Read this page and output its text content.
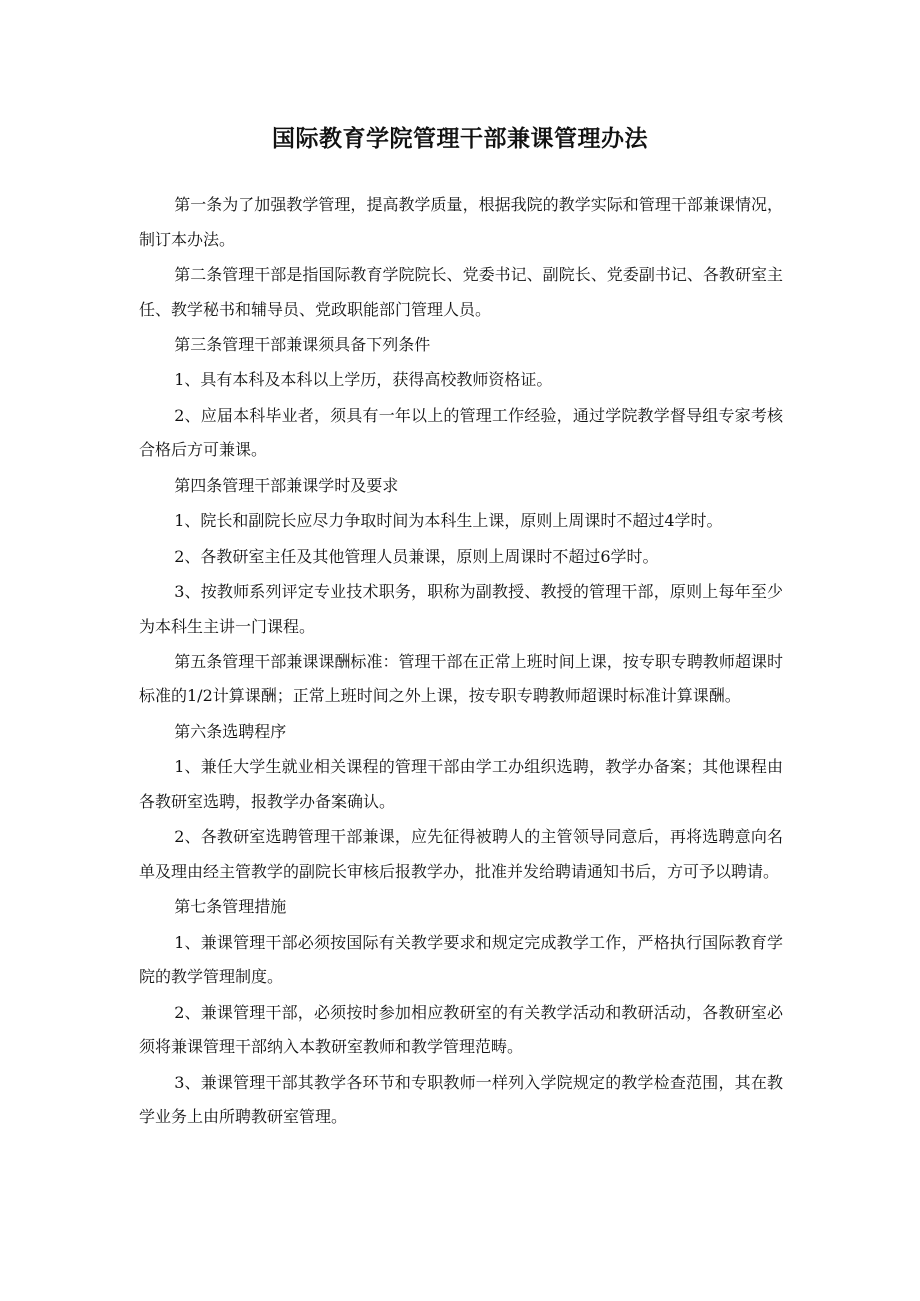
国际教育学院管理干部兼课管理办法

第一条为了加强教学管理，提高教学质量，根据我院的教学实际和管理干部兼课情况，制订本办法。

第二条管理干部是指国际教育学院院长、党委书记、副院长、党委副书记、各教研室主任、教学秘书和辅导员、党政职能部门管理人员。

第三条管理干部兼课须具备下列条件

1、具有本科及本科以上学历，获得高校教师资格证。

2、应届本科毕业者，须具有一年以上的管理工作经验，通过学院教学督导组专家考核合格后方可兼课。

第四条管理干部兼课学时及要求

1、院长和副院长应尽力争取时间为本科生上课，原则上周课时不超过4学时。

2、各教研室主任及其他管理人员兼课，原则上周课时不超过6学时。

3、按教师系列评定专业技术职务，职称为副教授、教授的管理干部，原则上每年至少为本科生主讲一门课程。

第五条管理干部兼课课酬标准：管理干部在正常上班时间上课，按专职专聘教师超课时标准的1/2计算课酬；正常上班时间之外上课，按专职专聘教师超课时标准计算课酬。

第六条选聘程序

1、兼任大学生就业相关课程的管理干部由学工办组织选聘，教学办备案；其他课程由各教研室选聘，报教学办备案确认。

2、各教研室选聘管理干部兼课，应先征得被聘人的主管领导同意后，再将选聘意向名单及理由经主管教学的副院长审核后报教学办，批准并发给聘请通知书后，方可予以聘请。

第七条管理措施

1、兼课管理干部必须按国际有关教学要求和规定完成教学工作，严格执行国际教育学院的教学管理制度。

2、兼课管理干部，必须按时参加相应教研室的有关教学活动和教研活动，各教研室必须将兼课管理干部纳入本教研室教师和教学管理范畴。

3、兼课管理干部其教学各环节和专职教师一样列入学院规定的教学检查范围，其在教学业务上由所聘教研室管理。
